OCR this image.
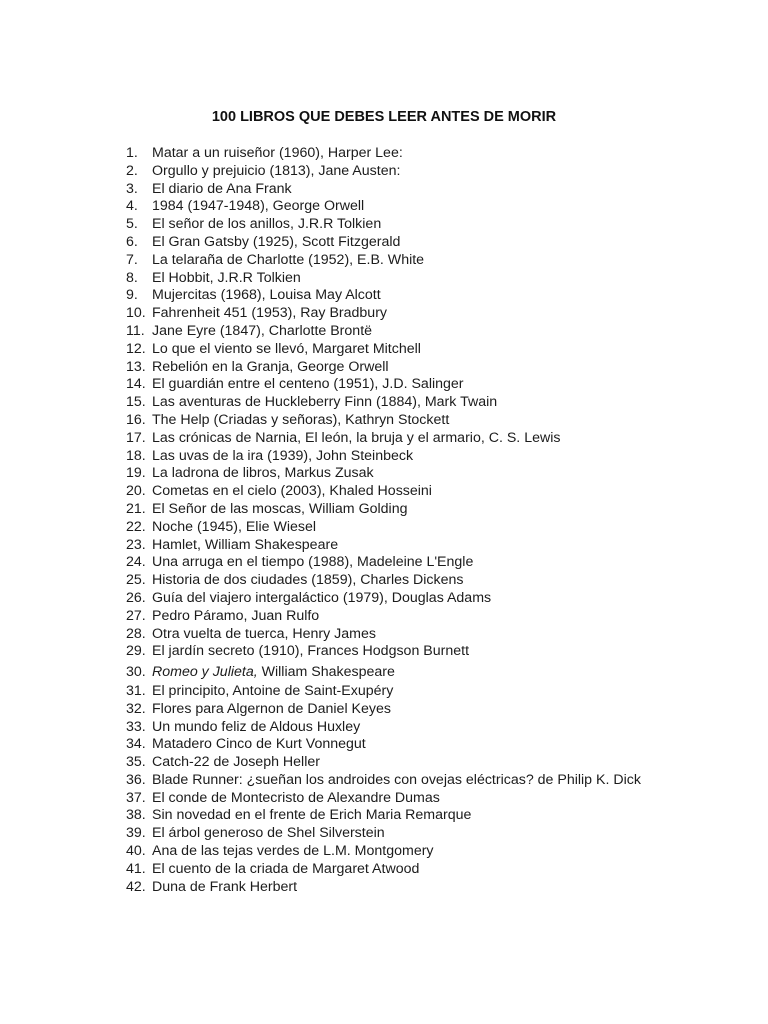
100 LIBROS QUE DEBES LEER ANTES DE MORIR
1. Matar a un ruiseñor (1960), Harper Lee:
2. Orgullo y prejuicio (1813), Jane Austen:
3. El diario de Ana Frank
4. 1984 (1947-1948), George Orwell
5. El señor de los anillos, J.R.R Tolkien
6. El Gran Gatsby (1925), Scott Fitzgerald
7. La telaraña de Charlotte (1952), E.B. White
8. El Hobbit, J.R.R Tolkien
9. Mujercitas (1968), Louisa May Alcott
10. Fahrenheit 451 (1953), Ray Bradbury
11. Jane Eyre (1847), Charlotte Brontë
12. Lo que el viento se llevó, Margaret Mitchell
13. Rebelión en la Granja, George Orwell
14. El guardián entre el centeno (1951), J.D. Salinger
15. Las aventuras de Huckleberry Finn (1884), Mark Twain
16. The Help (Criadas y señoras), Kathryn Stockett
17. Las crónicas de Narnia, El león, la bruja y el armario, C. S. Lewis
18. Las uvas de la ira (1939), John Steinbeck
19. La ladrona de libros, Markus Zusak
20. Cometas en el cielo (2003), Khaled Hosseini
21. El Señor de las moscas, William Golding
22. Noche (1945), Elie Wiesel
23. Hamlet, William Shakespeare
24. Una arruga en el tiempo (1988), Madeleine L'Engle
25. Historia de dos ciudades (1859), Charles Dickens
26. Guía del viajero intergaláctico (1979), Douglas Adams
27. Pedro Páramo, Juan Rulfo
28. Otra vuelta de tuerca, Henry James
29. El jardín secreto (1910), Frances Hodgson Burnett
30. Romeo y Julieta, William Shakespeare
31. El principito, Antoine de Saint-Exupéry
32. Flores para Algernon de Daniel Keyes
33. Un mundo feliz de Aldous Huxley
34. Matadero Cinco de Kurt Vonnegut
35. Catch-22 de Joseph Heller
36. Blade Runner: ¿sueñan los androides con ovejas eléctricas? de Philip K. Dick
37. El conde de Montecristo de Alexandre Dumas
38. Sin novedad en el frente de Erich Maria Remarque
39. El árbol generoso de Shel Silverstein
40. Ana de las tejas verdes de L.M. Montgomery
41. El cuento de la criada de Margaret Atwood
42. Duna de Frank Herbert
